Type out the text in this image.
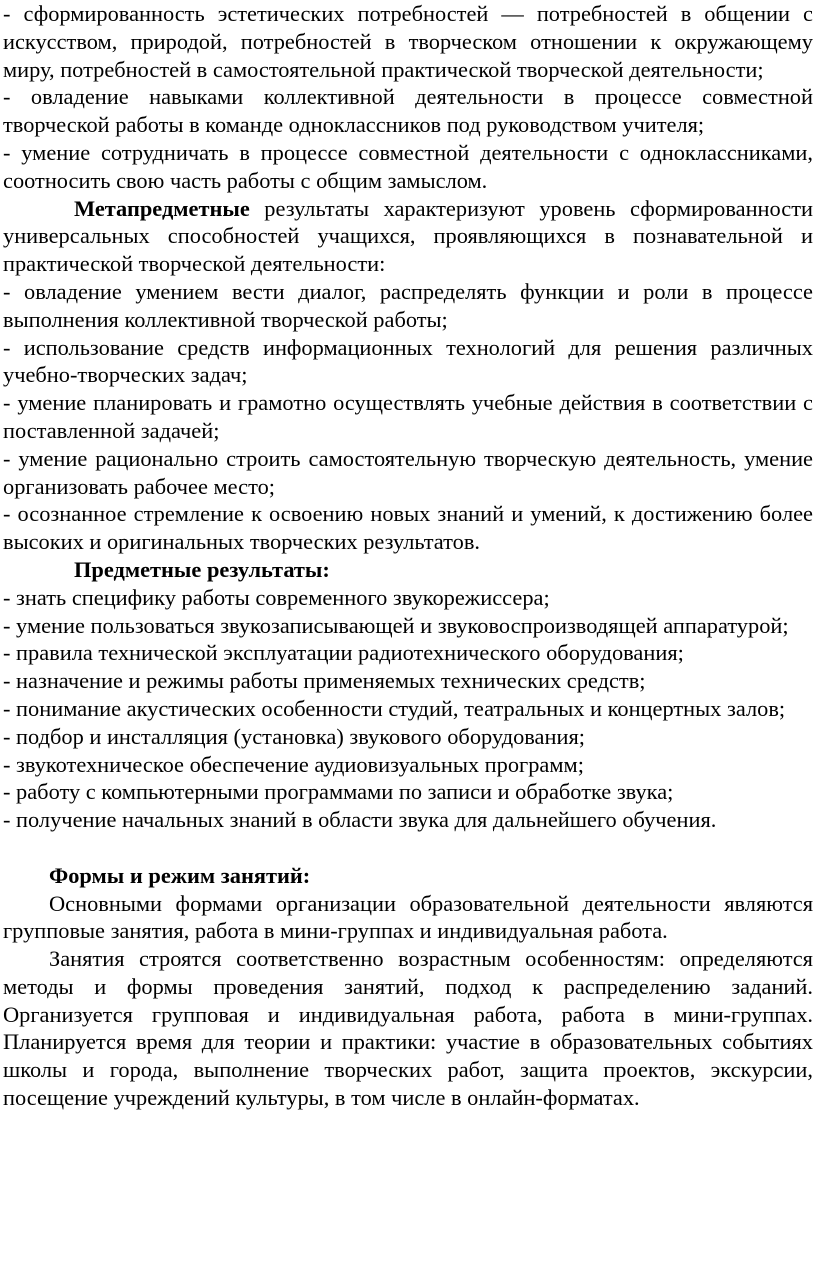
- сформированность эстетических потребностей — потребностей в общении с искусством, природой, потребностей в творческом отношении к окружающему миру, потребностей в самостоятельной практической творческой деятельности;

- овладение навыками коллективной деятельности в процессе совместной творческой работы в команде одноклассников под руководством учителя;

- умение сотрудничать в процессе совместной деятельности с одноклассниками, соотносить свою часть работы с общим замыслом.

Метапредметные результаты характеризуют уровень сформированности универсальных способностей учащихся, проявляющихся в познавательной и практической творческой деятельности:

- овладение умением вести диалог, распределять функции и роли в процессе выполнения коллективной творческой работы;

- использование средств информационных технологий для решения различных учебно-творческих задач;

- умение планировать и грамотно осуществлять учебные действия в соответствии с поставленной задачей;

- умение рационально строить самостоятельную творческую деятельность, умение организовать рабочее место;

- осознанное стремление к освоению новых знаний и умений, к достижению более высоких и оригинальных творческих результатов.

Предметные результаты:

- знать специфику работы современного звукорежиссера;

- умение пользоваться звукозаписывающей и звуковоспроизводящей аппаратурой;

- правила технической эксплуатации радиотехнического оборудования;

- назначение и режимы работы применяемых технических средств;

- понимание акустических особенности студий, театральных и концертных залов;

- подбор и инсталляция (установка) звукового оборудования;

- звукотехническое обеспечение аудиовизуальных программ;

- работу с компьютерными программами по записи и обработке звука;

- получение начальных знаний в области звука для дальнейшего обучения.

Формы и режим занятий:

Основными формами организации образовательной деятельности являются групповые занятия, работа в мини-группах и индивидуальная работа.

Занятия строятся соответственно возрастным особенностям: определяются методы и формы проведения занятий, подход к распределению заданий. Организуется групповая и индивидуальная работа, работа в мини-группах. Планируется время для теории и практики: участие в образовательных событиях школы и города, выполнение творческих работ, защита проектов, экскурсии, посещение учреждений культуры, в том числе в онлайн-форматах.
